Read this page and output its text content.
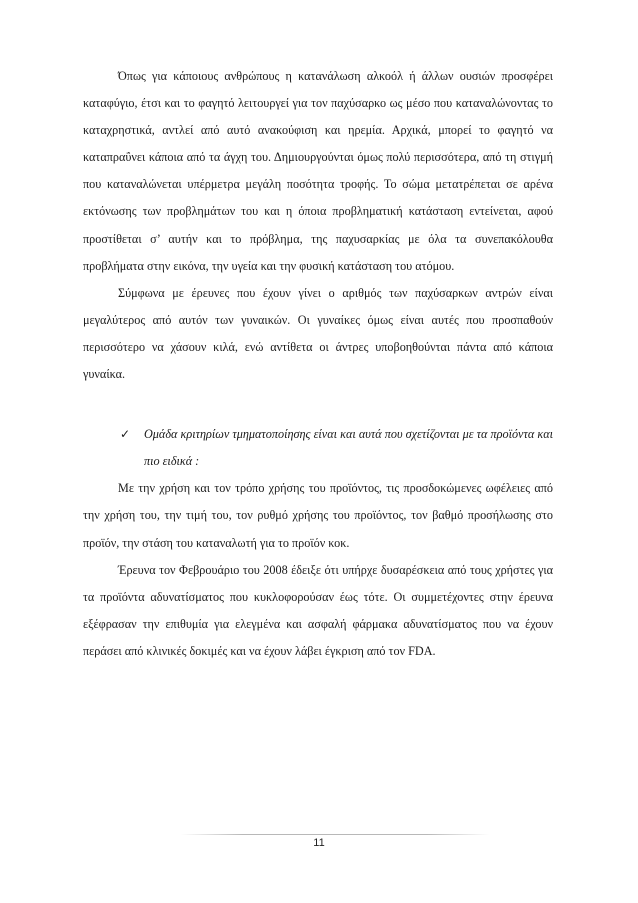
Όπως για κάποιους ανθρώπους η κατανάλωση αλκοόλ ή άλλων ουσιών προσφέρει καταφύγιο, έτσι και το φαγητό λειτουργεί για τον παχύσαρκο ως μέσο που καταναλώνοντας το καταχρηστικά, αντλεί από αυτό ανακούφιση και ηρεμία. Αρχικά, μπορεί το φαγητό να καταπραΰνει κάποια από τα άγχη του. Δημιουργούνται όμως πολύ περισσότερα, από τη στιγμή που καταναλώνεται υπέρμετρα μεγάλη ποσότητα τροφής. Το σώμα μετατρέπεται σε αρένα εκτόνωσης των προβλημάτων του και η όποια προβληματική κατάσταση εντείνεται, αφού προστίθεται σ’ αυτήν και το πρόβλημα, της παχυσαρκίας με όλα τα συνεπακόλουθα προβλήματα στην εικόνα, την υγεία και την φυσική κατάσταση του ατόμου.

Σύμφωνα με έρευνες που έχουν γίνει ο αριθμός των παχύσαρκων αντρών είναι μεγαλύτερος από αυτόν των γυναικών. Οι γυναίκες όμως είναι αυτές που προσπαθούν περισσότερο να χάσουν κιλά, ενώ αντίθετα οι άντρες υποβοηθούνται πάντα από κάποια γυναίκα.

✓ Ομάδα κριτηρίων τμηματοποίησης είναι και αυτά που σχετίζονται με τα προϊόντα και πιο ειδικά :

Με την χρήση και τον τρόπο χρήσης του προϊόντος, τις προσδοκώμενες ωφέλειες από την χρήση του, την τιμή του, τον ρυθμό χρήσης του προϊόντος, τον βαθμό προσήλωσης στο προϊόν, την στάση του καταναλωτή για το προϊόν κοκ.

Έρευνα τον Φεβρουάριο του 2008 έδειξε ότι υπήρχε δυσαρέσκεια από τους χρήστες για τα προϊόντα αδυνατίσματος που κυκλοφορούσαν έως τότε. Οι συμμετέχοντες στην έρευνα εξέφρασαν την επιθυμία για ελεγμένα και ασφαλή φάρμακα αδυνατίσματος που να έχουν περάσει από κλινικές δοκιμές και να έχουν λάβει έγκριση από τον FDA.

11
